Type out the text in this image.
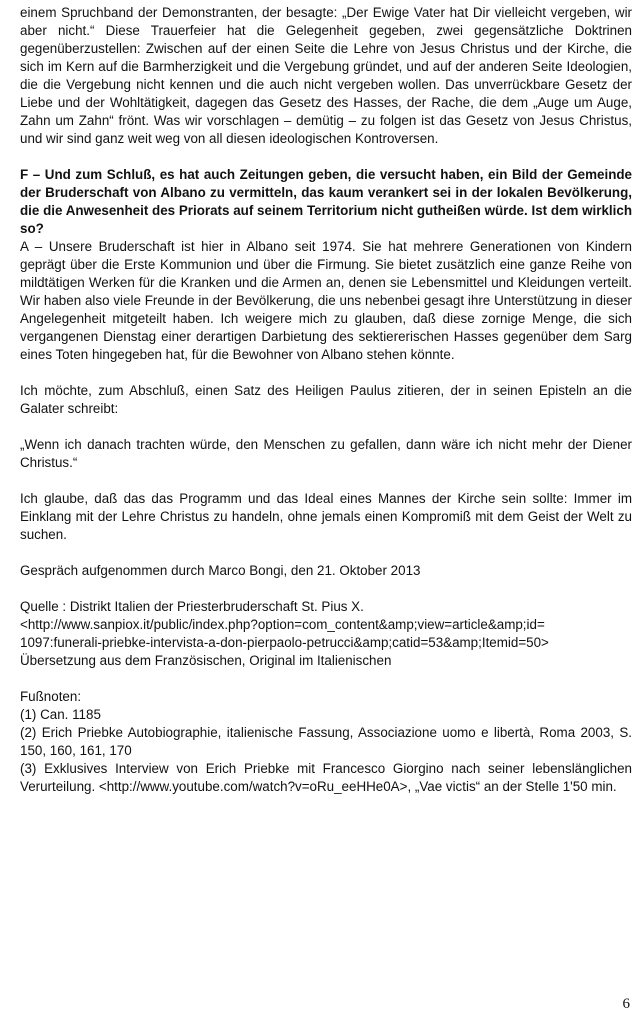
einem Spruchband der Demonstranten, der besagte: „Der Ewige Vater hat Dir vielleicht vergeben, wir aber nicht.“ Diese Trauerfeier hat die Gelegenheit gegeben, zwei gegensätzliche Doktrinen gegenüberzustellen: Zwischen auf der einen Seite die Lehre von Jesus Christus und der Kirche, die sich im Kern auf die Barmherzigkeit und die Vergebung gründet, und auf der anderen Seite Ideologien, die die Vergebung nicht kennen und die auch nicht vergeben wollen. Das unverrückbare Gesetz der Liebe und der Wohltätigkeit, dagegen das Gesetz des Hasses, der Rache, die dem „Auge um Auge, Zahn um Zahn“ frönt. Was wir vorschlagen – demütig – zu folgen ist das Gesetz von Jesus Christus, und wir sind ganz weit weg von all diesen ideologischen Kontroversen.

F – Und zum Schluß, es hat auch Zeitungen geben, die versucht haben, ein Bild der Gemeinde der Bruderschaft von Albano zu vermitteln, das kaum verankert sei in der lokalen Bevölkerung, die die Anwesenheit des Priorats auf seinem Territorium nicht gutheißen würde. Ist dem wirklich so?
A – Unsere Bruderschaft ist hier in Albano seit 1974. Sie hat mehrere Generationen von Kindern geprägt über die Erste Kommunion und über die Firmung. Sie bietet zusätzlich eine ganze Reihe von mildtätigen Werken für die Kranken und die Armen an, denen sie Lebensmittel und Kleidungen verteilt. Wir haben also viele Freunde in der Bevölkerung, die uns nebenbei gesagt ihre Unterstützung in dieser Angelegenheit mitgeteilt haben. Ich weigere mich zu glauben, daß diese zornige Menge, die sich vergangenen Dienstag einer derartigen Darbietung des sektiererischen Hasses gegenüber dem Sarg eines Toten hingegeben hat, für die Bewohner von Albano stehen könnte.

Ich möchte, zum Abschluß, einen Satz des Heiligen Paulus zitieren, der in seinen Episteln an die Galater schreibt:

„Wenn ich danach trachten würde, den Menschen zu gefallen, dann wäre ich nicht mehr der Diener Christus.“

Ich glaube, daß das das Programm und das Ideal eines Mannes der Kirche sein sollte: Immer im Einklang mit der Lehre Christus zu handeln, ohne jemals einen Kompromiß mit dem Geist der Welt zu suchen.

Gespräch aufgenommen durch Marco Bongi, den 21. Oktober 2013

Quelle : Distrikt Italien der Priesterbruderschaft St. Pius X.
<http://www.sanpiox.it/public/index.php?option=com_content&amp;view=article&amp;id=
1097:funerali-priebke-intervista-a-don-pierpaolo-petrucci&amp;catid=53&amp;Itemid=50>
Übersetzung aus dem Französischen, Original im Italienischen
Fußnoten:
(1) Can. 1185
(2) Erich Priebke Autobiographie, italienische Fassung, Associazione uomo e libertà, Roma 2003, S. 150, 160, 161, 170
(3) Exklusives Interview von Erich Priebke mit Francesco Giorgino nach seiner lebenslänglichen Verurteilung. <http://www.youtube.com/watch?v=oRu_eeHHe0A>, „Vae victis“ an der Stelle 1'50 min.
6
